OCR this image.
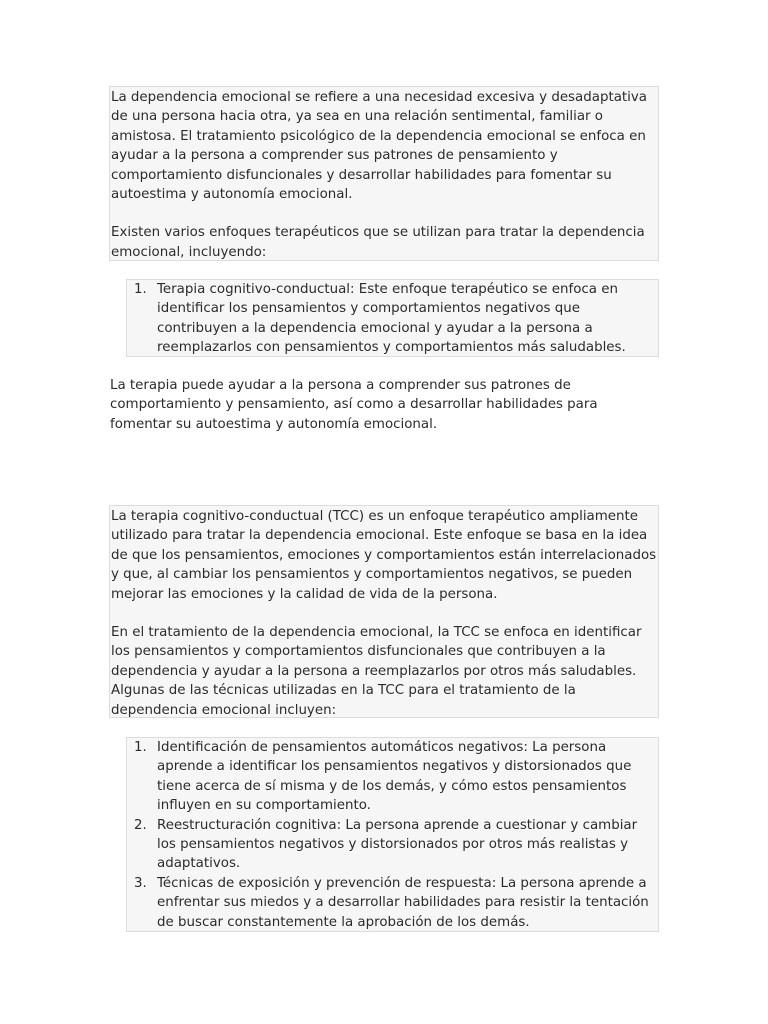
La dependencia emocional se refiere a una necesidad excesiva y desadaptativa de una persona hacia otra, ya sea en una relación sentimental, familiar o amistosa. El tratamiento psicológico de la dependencia emocional se enfoca en ayudar a la persona a comprender sus patrones de pensamiento y comportamiento disfuncionales y desarrollar habilidades para fomentar su autoestima y autonomía emocional.

Existen varios enfoques terapéuticos que se utilizan para tratar la dependencia emocional, incluyendo:

1. Terapia cognitivo-conductual: Este enfoque terapéutico se enfoca en identificar los pensamientos y comportamientos negativos que contribuyen a la dependencia emocional y ayudar a la persona a reemplazarlos con pensamientos y comportamientos más saludables.

La terapia puede ayudar a la persona a comprender sus patrones de comportamiento y pensamiento, así como a desarrollar habilidades para fomentar su autoestima y autonomía emocional.

La terapia cognitivo-conductual (TCC) es un enfoque terapéutico ampliamente utilizado para tratar la dependencia emocional. Este enfoque se basa en la idea de que los pensamientos, emociones y comportamientos están interrelacionados y que, al cambiar los pensamientos y comportamientos negativos, se pueden mejorar las emociones y la calidad de vida de la persona.

En el tratamiento de la dependencia emocional, la TCC se enfoca en identificar los pensamientos y comportamientos disfuncionales que contribuyen a la dependencia y ayudar a la persona a reemplazarlos por otros más saludables. Algunas de las técnicas utilizadas en la TCC para el tratamiento de la dependencia emocional incluyen:

1. Identificación de pensamientos automáticos negativos: La persona aprende a identificar los pensamientos negativos y distorsionados que tiene acerca de sí misma y de los demás, y cómo estos pensamientos influyen en su comportamiento.
2. Reestructuración cognitiva: La persona aprende a cuestionar y cambiar los pensamientos negativos y distorsionados por otros más realistas y adaptativos.
3. Técnicas de exposición y prevención de respuesta: La persona aprende a enfrentar sus miedos y a desarrollar habilidades para resistir la tentación de buscar constantemente la aprobación de los demás.
